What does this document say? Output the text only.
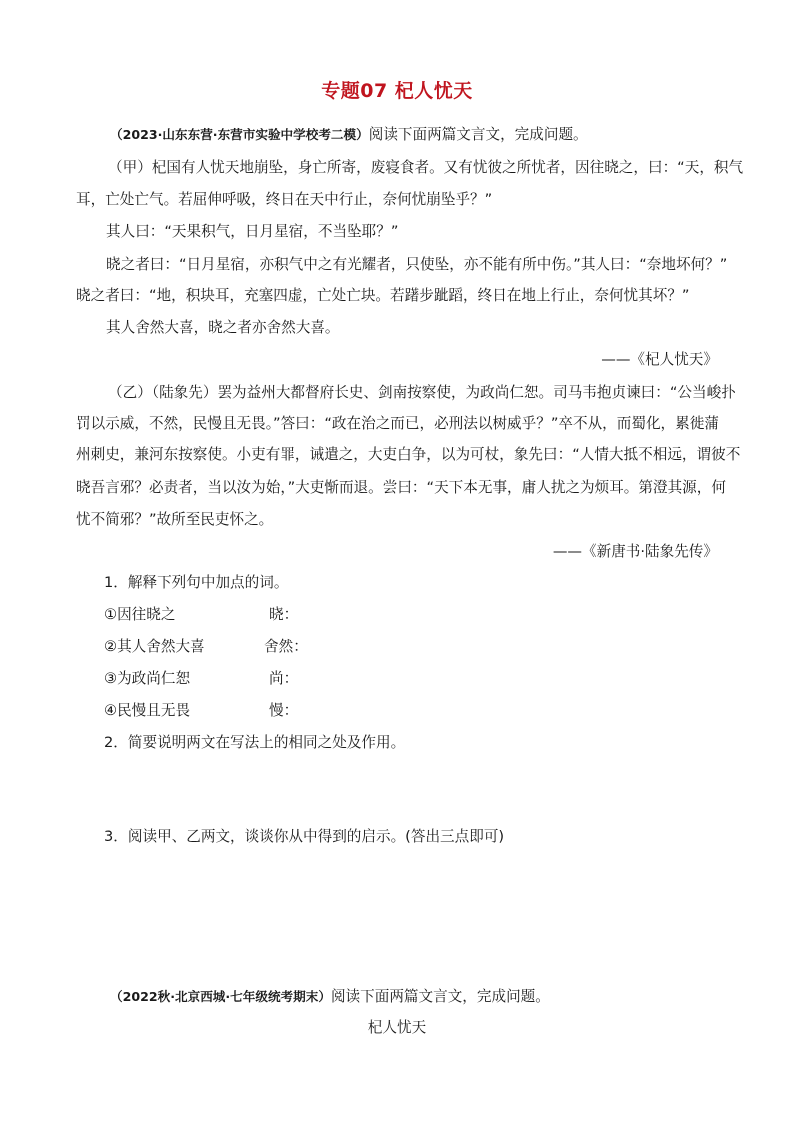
专题07 杞人忧天
（2023·山东东营·东营市实验中学校考二模）阅读下面两篇文言文，完成问题。
（甲）杞国有人忧天地崩坠，身亡所寄，废寝食者。又有忧彼之所忧者，因往晓之，曰：“天，积气
耳，亡处亡气。若屈伸呼吸，终日在天中行止，奈何忧崩坠乎？”
其人曰：“天果积气，日月星宿，不当坠耶？”
晓之者曰：“日月星宿，亦积气中之有光耀者，只使坠，亦不能有所中伤。”其人曰：“奈地坏何？”
晓之者曰：“地，积块耳，充塞四虚，亡处亡块。若躇步跐蹈，终日在地上行止，奈何忧其坏？”
其人舍然大喜，晓之者亦舍然大喜。
——《杞人忧天》
（乙）（陆象先）罢为益州大都督府长史、剑南按察使，为政尚仁恕。司马韦抱贞谏曰：“公当峻扑
罚以示威，不然，民慢且无畏。”答曰：“政在治之而已，必刑法以树威乎？”卒不从，而蜀化，累徙蒲
州刺史，兼河东按察使。小吏有罪，诫遣之，大吏白争，以为可杖，象先曰：“人情大抵不相远，谓彼不
晓吾言邪？必责者，当以汝为始，”大吏惭而退。尝曰：“天下本无事，庸人扰之为烦耳。第澄其源，何
忧不简邪？”故所至民吏怀之。
——《新唐书·陆象先传》
1．解释下列句中加点的词。
①因往晓之	晓：
②其人舍然大喜	舍然：
③为政尚仁恕	尚：
④民慢且无畏	慢：
2．简要说明两文在写法上的相同之处及作用。
3．阅读甲、乙两文，谈谈你从中得到的启示。(答出三点即可)
（2022秋·北京西城·七年级统考期末）阅读下面两篇文言文，完成问题。
杞人忧天
